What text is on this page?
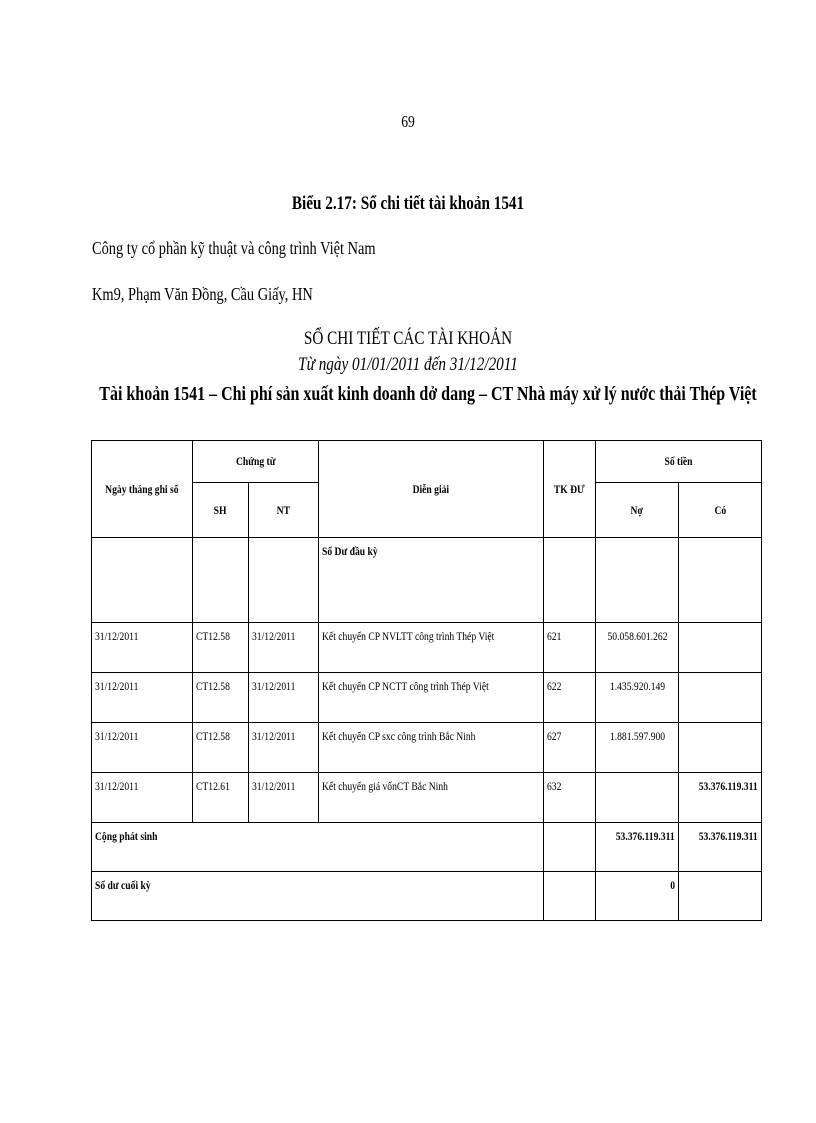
69
Biểu 2.17: Sổ chi tiết tài khoản 1541
Công ty cổ phần kỹ thuật và công trình Việt Nam
Km9, Phạm Văn Đồng, Cầu Giấy, HN
SỔ CHI TIẾT CÁC TÀI KHOẢN
Từ ngày 01/01/2011 đến 31/12/2011
Tài khoản 1541 – Chi phí sản xuất kinh doanh dở dang – CT Nhà máy xử lý nước thải Thép Việt
Ngày tháng ghi sổ	Chứng từ		Diễn giải	TK ĐƯ	Số tiền	
	SH	NT			Nợ	Có
			Số Dư đầu kỳ			
31/12/2011	CT12.58	31/12/2011	Kết chuyển CP NVLTT công trình Thép Việt	621	50.058.601.262	
31/12/2011	CT12.58	31/12/2011	Kết chuyển CP NCTT công trình Thép Việt	622	1.435.920.149	
31/12/2011	CT12.58	31/12/2011	Kết chuyển CP sxc công trình Bắc Ninh	627	1.881.597.900	
31/12/2011	CT12.61	31/12/2011	Kết chuyển giá vốnCT Bắc Ninh	632		53.376.119.311
Cộng phát sinh					53.376.119.311	53.376.119.311
Số dư cuối kỳ					0	
